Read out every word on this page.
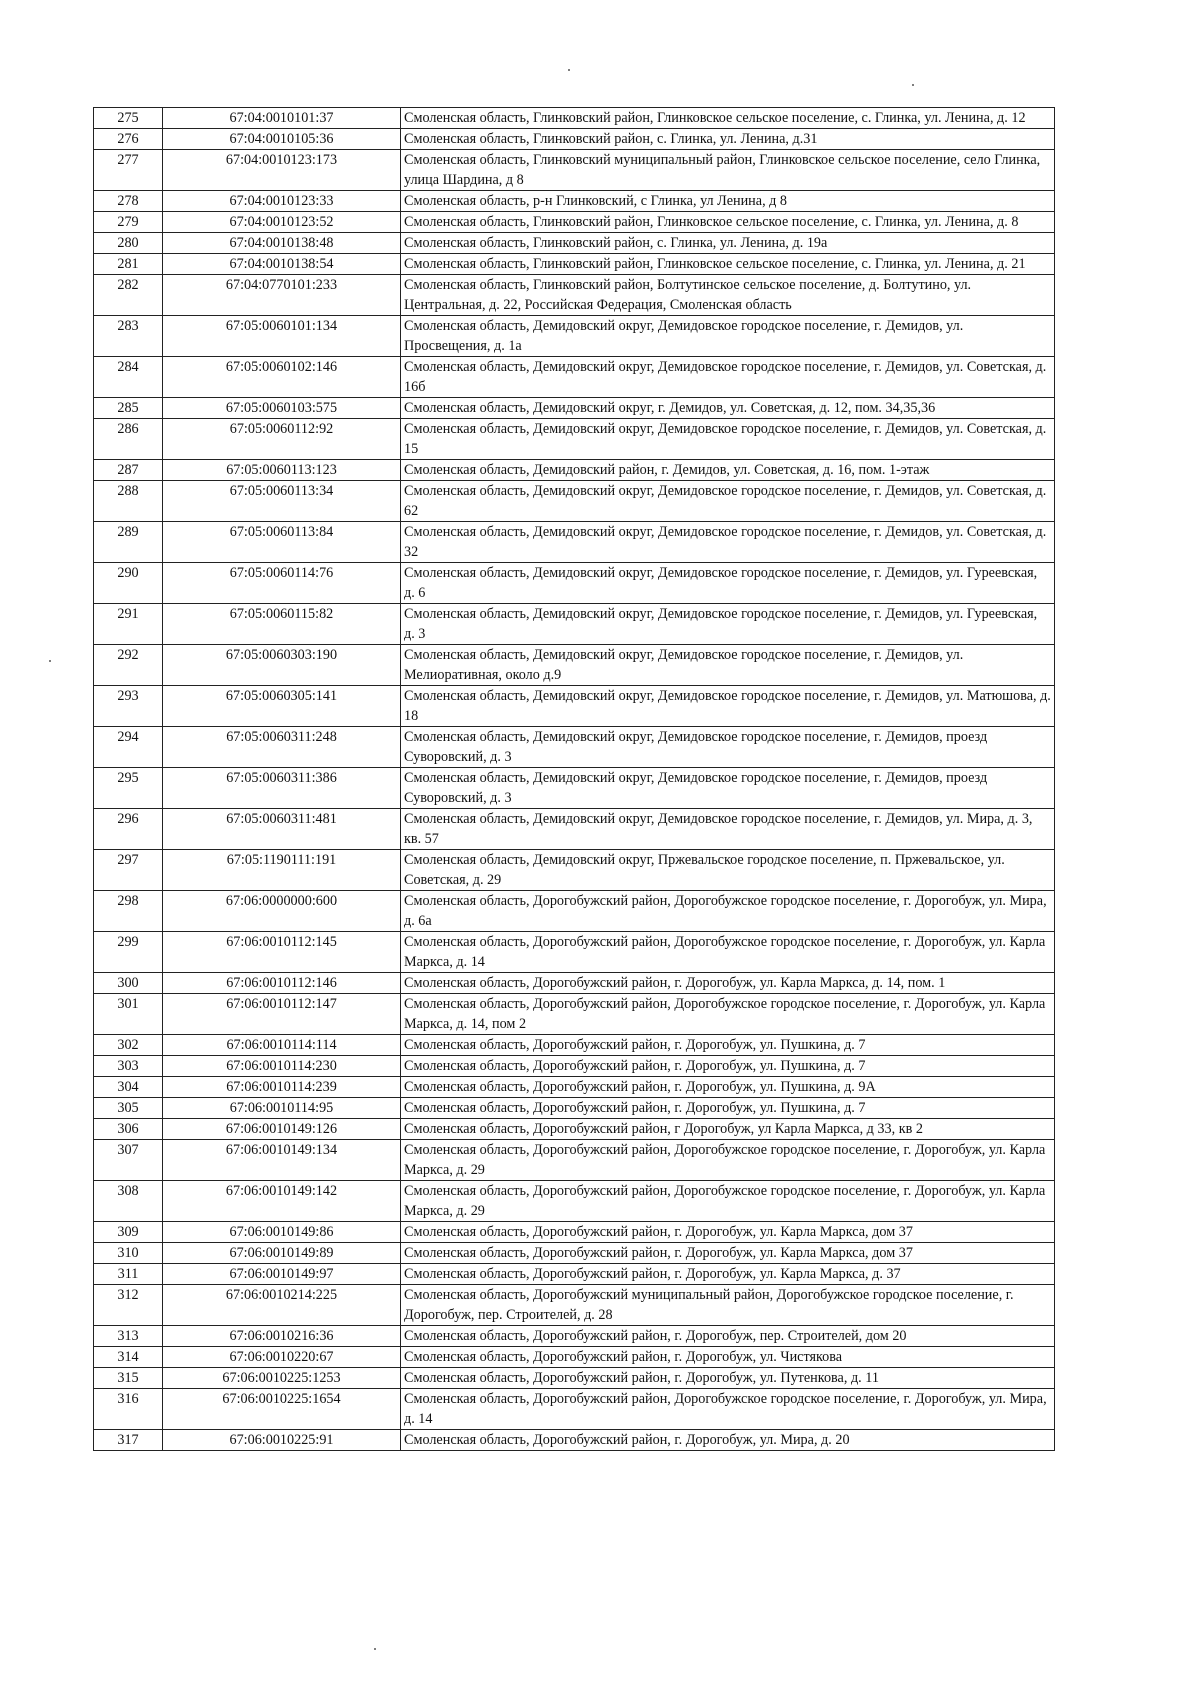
275	67:04:0010101:37	Смоленская область, Глинковский район, Глинковское сельское поселение, с. Глинка, ул. Ленина, д. 12
276	67:04:0010105:36	Смоленская область, Глинковский район, с. Глинка, ул. Ленина, д.31
277	67:04:0010123:173	Смоленская область, Глинковский муниципальный район, Глинковское сельское поселение, село Глинка, улица Шардина, д 8
278	67:04:0010123:33	Смоленская область, р-н Глинковский, с Глинка, ул Ленина, д 8
279	67:04:0010123:52	Смоленская область, Глинковский район, Глинковское сельское поселение, с. Глинка, ул. Ленина, д. 8
280	67:04:0010138:48	Смоленская область, Глинковский район, с. Глинка, ул. Ленина, д. 19а
281	67:04:0010138:54	Смоленская область, Глинковский район, Глинковское сельское поселение, с. Глинка, ул. Ленина, д. 21
282	67:04:0770101:233	Смоленская область, Глинковский район, Болтутинское сельское поселение, д. Болтутино, ул. Центральная, д. 22, Российская Федерация, Смоленская область
283	67:05:0060101:134	Смоленская область, Демидовский округ, Демидовское городское поселение, г. Демидов, ул. Просвещения, д. 1а
284	67:05:0060102:146	Смоленская область, Демидовский округ, Демидовское городское поселение, г. Демидов, ул. Советская, д. 16б
285	67:05:0060103:575	Смоленская область, Демидовский округ, г. Демидов, ул. Советская, д. 12, пом. 34,35,36
286	67:05:0060112:92	Смоленская область, Демидовский округ, Демидовское городское поселение, г. Демидов, ул. Советская, д. 15
287	67:05:0060113:123	Смоленская область, Демидовский район, г. Демидов, ул. Советская, д. 16, пом. 1-этаж
288	67:05:0060113:34	Смоленская область, Демидовский округ, Демидовское городское поселение, г. Демидов, ул. Советская, д. 62
289	67:05:0060113:84	Смоленская область, Демидовский округ, Демидовское городское поселение, г. Демидов, ул. Советская, д. 32
290	67:05:0060114:76	Смоленская область, Демидовский округ, Демидовское городское поселение, г. Демидов, ул. Гуреевская, д. 6
291	67:05:0060115:82	Смоленская область, Демидовский округ, Демидовское городское поселение, г. Демидов, ул. Гуреевская, д. 3
292	67:05:0060303:190	Смоленская область, Демидовский округ, Демидовское городское поселение, г. Демидов, ул. Мелиоративная, около д.9
293	67:05:0060305:141	Смоленская область, Демидовский округ, Демидовское городское поселение, г. Демидов, ул. Матюшова, д. 18
294	67:05:0060311:248	Смоленская область, Демидовский округ, Демидовское городское поселение, г. Демидов, проезд Суворовский, д. 3
295	67:05:0060311:386	Смоленская область, Демидовский округ, Демидовское городское поселение, г. Демидов, проезд Суворовский, д. 3
296	67:05:0060311:481	Смоленская область, Демидовский округ, Демидовское городское поселение, г. Демидов, ул. Мира, д. 3, кв. 57
297	67:05:1190111:191	Смоленская область, Демидовский округ, Пржевальское городское поселение, п. Пржевальское, ул. Советская, д. 29
298	67:06:0000000:600	Смоленская область, Дорогобужский район, Дорогобужское городское поселение, г. Дорогобуж, ул. Мира, д. 6а
299	67:06:0010112:145	Смоленская область, Дорогобужский район, Дорогобужское городское поселение, г. Дорогобуж, ул. Карла Маркса, д. 14
300	67:06:0010112:146	Смоленская область, Дорогобужский район, г. Дорогобуж, ул. Карла Маркса, д. 14, пом. 1
301	67:06:0010112:147	Смоленская область, Дорогобужский район, Дорогобужское городское поселение, г. Дорогобуж, ул. Карла Маркса, д. 14, пом 2
302	67:06:0010114:114	Смоленская область, Дорогобужский район, г. Дорогобуж, ул. Пушкина, д. 7
303	67:06:0010114:230	Смоленская область, Дорогобужский район, г. Дорогобуж, ул. Пушкина, д. 7
304	67:06:0010114:239	Смоленская область, Дорогобужский район, г. Дорогобуж, ул. Пушкина, д. 9А
305	67:06:0010114:95	Смоленская область, Дорогобужский район, г. Дорогобуж, ул. Пушкина, д. 7
306	67:06:0010149:126	Смоленская область, Дорогобужский район, г Дорогобуж, ул Карла Маркса, д 33, кв 2
307	67:06:0010149:134	Смоленская область, Дорогобужский район, Дорогобужское городское поселение, г. Дорогобуж, ул. Карла Маркса, д. 29
308	67:06:0010149:142	Смоленская область, Дорогобужский район, Дорогобужское городское поселение, г. Дорогобуж, ул. Карла Маркса, д. 29
309	67:06:0010149:86	Смоленская область, Дорогобужский район, г. Дорогобуж, ул. Карла Маркса, дом 37
310	67:06:0010149:89	Смоленская область, Дорогобужский район, г. Дорогобуж, ул. Карла Маркса, дом 37
311	67:06:0010149:97	Смоленская область, Дорогобужский район, г. Дорогобуж, ул. Карла Маркса, д. 37
312	67:06:0010214:225	Смоленская область, Дорогобужский муниципальный район, Дорогобужское городское поселение, г. Дорогобуж, пер. Строителей, д. 28
313	67:06:0010216:36	Смоленская область, Дорогобужский район, г. Дорогобуж, пер. Строителей, дом 20
314	67:06:0010220:67	Смоленская область, Дорогобужский район, г. Дорогобуж, ул. Чистякова
315	67:06:0010225:1253	Смоленская область, Дорогобужский район, г. Дорогобуж, ул. Путенкова, д. 11
316	67:06:0010225:1654	Смоленская область, Дорогобужский район, Дорогобужское городское поселение, г. Дорогобуж, ул. Мира, д. 14
317	67:06:0010225:91	Смоленская область, Дорогобужский район, г. Дорогобуж, ул. Мира, д. 20
